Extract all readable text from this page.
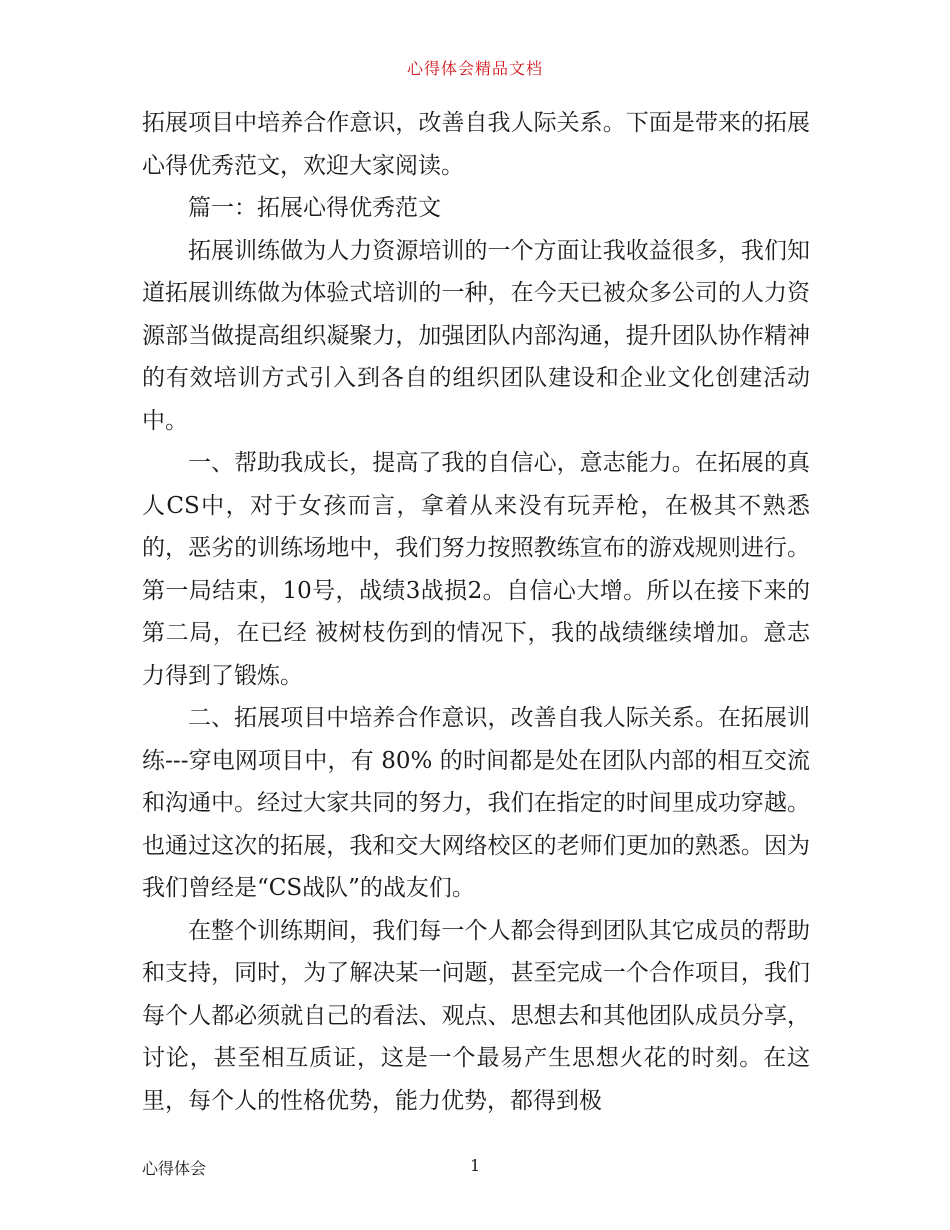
心得体会精品文档

拓展项目中培养合作意识，改善自我人际关系。下面是带来的拓展心得优秀范文，欢迎大家阅读。

篇一：拓展心得优秀范文

拓展训练做为人力资源培训的一个方面让我收益很多，我们知道拓展训练做为体验式培训的一种，在今天已被众多公司的人力资源部当做提高组织凝聚力，加强团队内部沟通，提升团队协作精神的有效培训方式引入到各自的组织团队建设和企业文化创建活动中。

一、帮助我成长，提高了我的自信心，意志能力。在拓展的真人CS中，对于女孩而言，拿着从来没有玩弄枪，在极其不熟悉的，恶劣的训练场地中，我们努力按照教练宣布的游戏规则进行。第一局结束，10号，战绩3战损2。自信心大增。所以在接下来的第二局，在已经 被树枝伤到的情况下，我的战绩继续增加。意志力得到了锻炼。

二、拓展项目中培养合作意识，改善自我人际关系。在拓展训练---穿电网项目中，有 80% 的时间都是处在团队内部的相互交流和沟通中。经过大家共同的努力，我们在指定的时间里成功穿越。也通过这次的拓展，我和交大网络校区的老师们更加的熟悉。因为我们曾经是“CS战队”的战友们。

在整个训练期间，我们每一个人都会得到团队其它成员的帮助和支持，同时，为了解决某一问题，甚至完成一个合作项目，我们每个人都必须就自己的看法、观点、思想去和其他团队成员分享，讨论，甚至相互质证，这是一个最易产生思想火花的时刻。在这里，每个人的性格优势，能力优势，都得到极

心得体会	1
